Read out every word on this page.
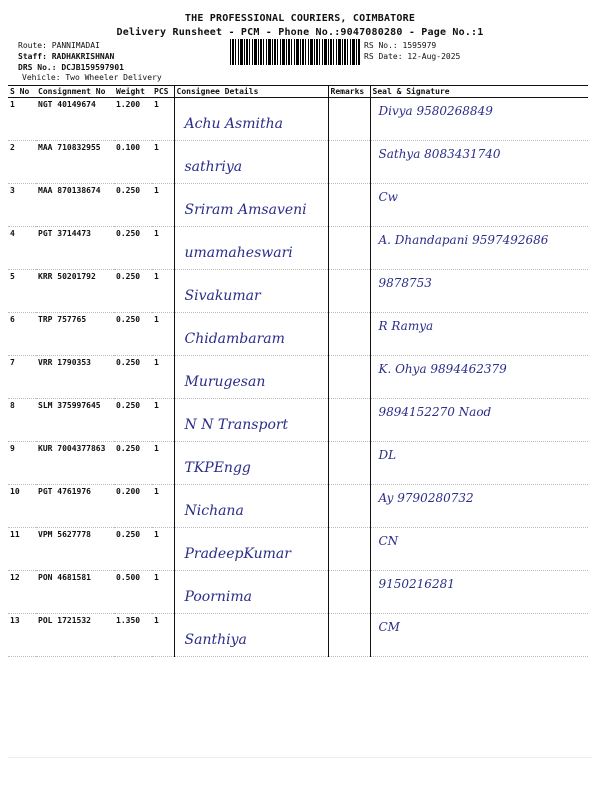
THE PROFESSIONAL COURIERS, COIMBATORE
Delivery Runsheet - PCM - Phone No.:9047080280 - Page No.:1
Route: PANNIMADAI
Staff: RADHAKRISHNAN
DRS No.: DCJB159597901
Vehicle: Two Wheeler Delivery
RS No.: 1595979
RS Date: 12-Aug-2025
S No	Consignment No	Weight	PCS	Consignee Details	Remarks	Seal & Signature
1	NGT 40149674	1.200	1	Achu Asmitha		Divya 9580268849

2	MAA 710832955	0.100	1	sathriya		Sathya 8083431740

3	MAA 870138674	0.250	1	Sriram Amsaveni		Cw

4	PGT 3714473	0.250	1	umamaheswari		A. Dhandapani 9597492686

5	KRR 50201792	0.250	1	Sivakumar		9878753

6	TRP 757765	0.250	1	Chidambaram		R Ramya

7	VRR 1790353	0.250	1	Murugesan		K. Ohya 9894462379

8	SLM 375997645	0.250	1	N N Transport		9894152270 Naod

9	KUR 7004377863	0.250	1	TKPEngg		DL

10	PGT 4761976	0.200	1	Nichana		Ay 9790280732

11	VPM 5627778	0.250	1	PradeepKumar		CN

12	PON 4681581	0.500	1	Poornima		9150216281

13	POL 1721532	1.350	1	Santhiya		CM
